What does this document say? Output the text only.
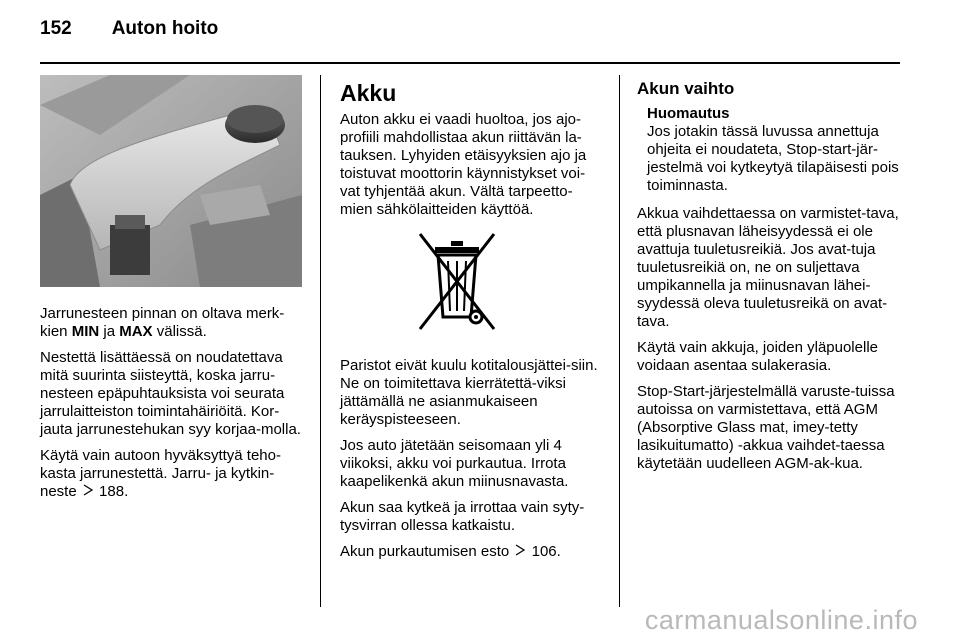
152 Auton hoito

Jarrunesteen pinnan on oltava merk-kien MIN ja MAX välissä.

Nestettä lisättäessä on noudatettava mitä suurinta siisteyttä, koska jarru-nesteen epäpuhtauksista voi seurata jarrulaitteiston toimintahäiriöitä. Kor-jauta jarrunestehukan syy korjaa-molla.

Käytä vain autoon hyväksyttyä teho-kasta jarrunestettä. Jarru- ja kytkin-neste 188.

Akku

Auton akku ei vaadi huoltoa, jos ajo-profiili mahdollistaa akun riittävän la-tauksen. Lyhyiden etäisyyksien ajo ja toistuvat moottorin käynnistykset voi-vat tyhjentää akun. Vältä tarpeetto-mien sähkölaitteiden käyttöä.

Paristot eivät kuulu kotitalousjättei-siin. Ne on toimitettava kierrätettä-viksi jättämällä ne asianmukaiseen keräyspisteeseen.

Jos auto jätetään seisomaan yli 4 viikoksi, akku voi purkautua. Irrota kaapelikenkä akun miinusnavasta.

Akun saa kytkeä ja irrottaa vain syty-tysvirran ollessa katkaistu.

Akun purkautumisen esto 106.

Akun vaihto
Huomautus
Jos jotakin tässä luvussa annettuja ohjeita ei noudateta, Stop-start-jär-jestelmä voi kytkeytyä tilapäisesti pois toiminnasta.

Akkua vaihdettaessa on varmistet-tava, että plusnavan läheisyydessä ei ole avattuja tuuletusreikiä. Jos avat-tuja tuuletusreikiä on, ne on suljettava umpikannella ja miinusnavan lähei-syydessä oleva tuuletusreikä on avat-tava.

Käytä vain akkuja, joiden yläpuolelle voidaan asentaa sulakerasia.

Stop-Start-järjestelmällä varuste-tuissa autoissa on varmistettava, että AGM (Absorptive Glass mat, imey-tetty lasikuitumatto) -akkua vaihdet-taessa käytetään uudelleen AGM-ak-kua.

carmanualsonline.info
